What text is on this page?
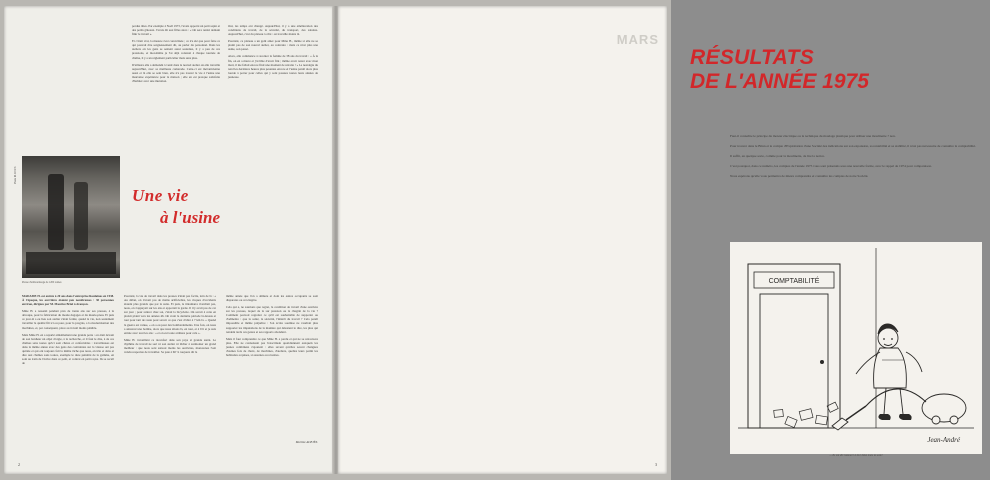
perdus têtes. Par exemple à Noël 1973, l'avais apporté un petit sapin et des petits gâteaux. J'avais dit aux filles alors : « On sera rentré demain finir le travail ».

Et c'était vrai, la mesure s'est concrétisée ; ce n'a été que pour faire ce qui pouvait être soigneusement dit, au parler du personnel. Dans les ateliers où les gens se sentent aussi soutenus, il y a peu de ces pressions, et moi-même je l'ai déjà constaté à chaque tournée de chaîne, il y a un règlement particulier mais sans plus.

D'ailleurs elle a demandé à venir dans le nouvel atelier où elle travaille aujourd'hui, avec sa meilleure camarade. Cette-ci est mécanicienne aussi et là elle se sent bien, elle n'a pas trouvé la vie à l'usine une mauvaise expérience pour la maison ; elle en est presque satisfaite d'habiter avec une mutation.

Oui, les temps ont changé. Aujourd'hui, il y a une amélioration des conditions de travail, de la sécurité, du transport, des salaires. Aujourd'hui, c'est du plateau à côté : on travaille moins là.

Pourtant, ce plateau a un goût amer pour Mme H., même si elle ne se plaint pas de son nouvel atelier, au contraire : mais ce n'est plus une usine, son passé.

Alors, elle commence à raconter la femme de 38 ans du travail : « À la fin, on en a marre et j'ai hâte d'avoir fini ; même avoir rester avec mon mari, il me fallait encore finir une moment de retraite ! » Le nostalgie du rend les dernières heures plus pesantes encore et l'usine paraît alors plus lourde à porter pour celles qui y sont passées toutes leurs années de jeunesse.

Photo M. ROUX
Presse d'emboutissage de 1200 tonnes
Une vie
à l'usine

MADAME H. est entrée à 20 ans dans l'entreprise Roulaines en 1938. À l'époque, les ouvrières étaient peu nombreuses : 30 personnes environ, dirigées par M. Maurice Briol à Avançon.

Mme H. a ressenti pendant près de trente ans sur ses presses, à la découpe, pour la fabrication du moule-bagages et du moule-pneu. Et puis ce jour-là a eu lieu son atelier s'était fermé, quand la vie, non seulement travailler la qualité fût ici ou pour, pour la progrès, a la modernisation des machines, et, par conséquent, place au travail moins pénible.

Mais Mme H. en a reparlé aimablement une grande perte : on était devant de son bonheur un objet d'orgie, à la recherche, et il faut le dire, à de ces chaînes sans toutes qu'ici sont chères et confortables : travailleuses est dans la même année avec des gens des contraintes sur la vitesse ont pas quittée et qui ont toujours fait la même tâche que nous, en tête et dans et dire aux chaînes sans toutes, exemple le dure pénalité de la gamme, en sont au train de l'écrire dans ce petit, et contrat en petit reçus. Ils se recall de

Pourtant, la vie de travail dans les presses n'était pas facile, loin de là : « Au début, on n'avait pas de mains artificielles, les risques d'accidents étaient plus grands que par la suite. Et puis, le tintamarre n'arrêtait pas, nous, on s'appuyait sur les ans et apportait la garde. Il n'y avait pas de car sur jour ; pour rentrer chez soi, c'était la bicyclette. On savait à cette en plaisir plaint vers les années 46. On avait la dernière période là-dessus et tout pour tant de route pour savoir ce que c'est d'aller à 7 km là. « Quand la guerre est venue, « on a eu pour des bombardements. Une fois, on nous a annoncé une bombe, alors que nous étions là, en tour, et à 9 h et je suis entrée avec tout les ans : « et on est toute arrêtées pour cela ».

Mme H. travaillant ce rèconfort dans son pays si grande santé. Le rhythme de travail ne sert ni son atelier ni lâcher à surmonter un grand meilleur : que nous sont surtout moins les ouvrières, monotones l'ont vendu respectée de travailler. Sa paie à 60 % toujours dit la

même année que l'on a démute et dont les autres occupants se sont disparates ou cet étagère.

Cela qui a, ne saurions que regret, la condition de travail d'une ouvrière sur les presses, lequel de la sur pression ou la chagrin de la vie ? Comment pouvoir regretter ce qu'il est souhaitable de supporter ou d'admettre : que la santé, la sécurité, l'intérêt du travail ? Cela paraît impossible et même préjudice : l'on écrire soumise ne vaudrait plus supporter les imputations de la manière qui détestent le dire, les plus qui rendent tards ces gestes et ses rapports abondant.

Mais il faut comprendre ce que Mme H. a perdu et qui ne se retrouvera plus. Elle ne connaissait pas l'exactitude quotidiennent auxquels les jeunes combinées s'ajoutent : elles savent qu'elles seront changées d'usines fois de choix, de machines, d'ateliers, quelles leurs parmi les habitudes acquises, si assurées ou récentes.

Martine ADEJÈS.
2
MARS
RÉSULTATS
DE L'ANNÉE 1975

Faut-il connaître le principe du moteur électrique ou la technique du moulage plastique pour utiliser une moulinette ? non.

Pour trouver dans le Bilan et le compte d'Exploitation d'une Société des indications sur son expansion, sa rentabilité et sa stabilité, il n'est pas nécessaire de connaître la comptabilité.

Il suffit, en quelque sorte, comme pour la moulinette, de lire la notice.

C'est pourquoi, dans ce numéro, les comptes de l'année 1975 vous sont présentés sous une nouvelle forme, avec le rappel de 1974 pour comparaison.

Nous espérons qu'elle vous permettra de mieux comprendre et connaître les comptes de notre Société.

COMPTABILITÉ
Jean-André
— Ils ont dit: balancer à leur bilan toute la suite!
3
